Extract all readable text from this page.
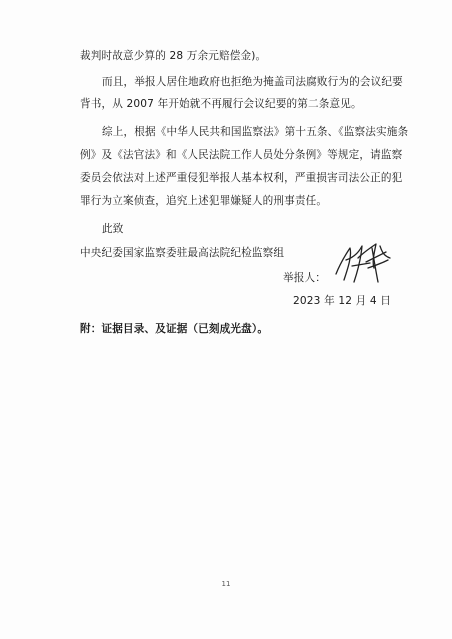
裁判时故意少算的 28 万余元赔偿金)。
而且，举报人居住地政府也拒绝为掩盖司法腐败行为的会议纪要
背书，从 2007 年开始就不再履行会议纪要的第二条意见。
综上，根据《中华人民共和国监察法》第十五条、《监察法实施条
例》及《法官法》和《人民法院工作人员处分条例》等规定，请监察
委员会依法对上述严重侵犯举报人基本权利，严重损害司法公正的犯
罪行为立案侦查，追究上述犯罪嫌疑人的刑事责任。
此致
中央纪委国家监察委驻最高法院纪检监察组
举报人：
2023 年 12 月 4 日
附：证据目录、及证据（已刻成光盘）。
11
